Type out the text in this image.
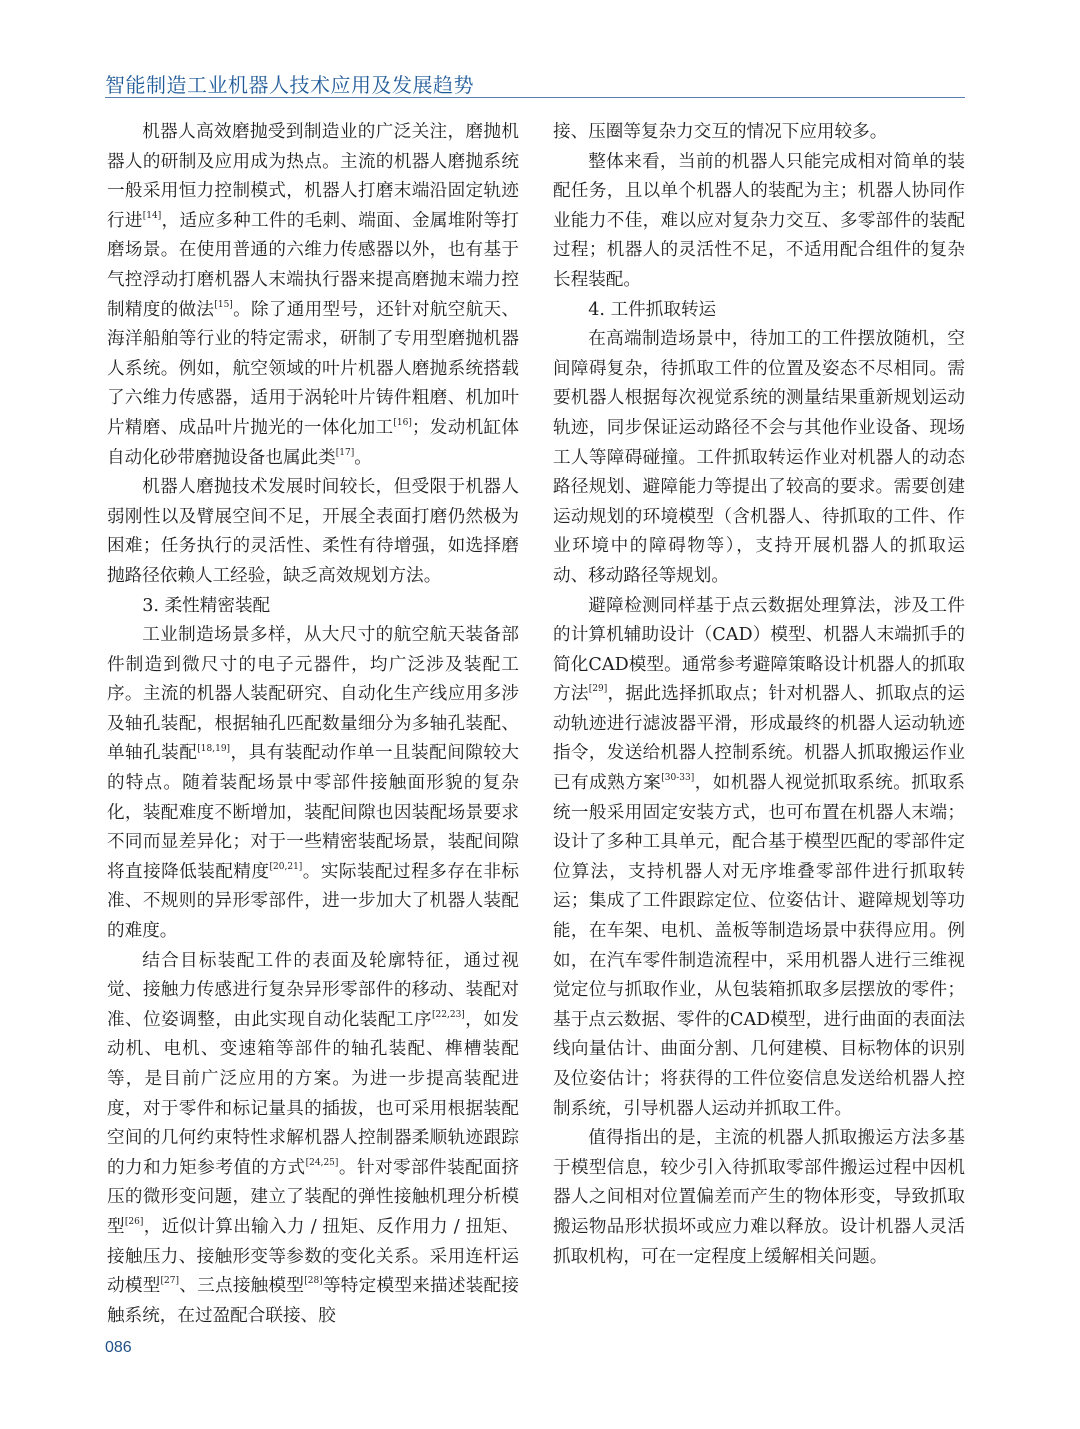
智能制造工业机器人技术应用及发展趋势

机器人高效磨抛受到制造业的广泛关注，磨抛机器人的研制及应用成为热点。主流的机器人磨抛系统一般采用恒力控制模式，机器人打磨末端沿固定轨迹行进[14]，适应多种工件的毛刺、端面、金属堆附等打磨场景。在使用普通的六维力传感器以外，也有基于气控浮动打磨机器人末端执行器来提高磨抛末端力控制精度的做法[15]。除了通用型号，还针对航空航天、海洋船舶等行业的特定需求，研制了专用型磨抛机器人系统。例如，航空领域的叶片机器人磨抛系统搭载了六维力传感器，适用于涡轮叶片铸件粗磨、机加叶片精磨、成品叶片抛光的一体化加工[16]；发动机缸体自动化砂带磨抛设备也属此类[17]。

机器人磨抛技术发展时间较长，但受限于机器人弱刚性以及臂展空间不足，开展全表面打磨仍然极为困难；任务执行的灵活性、柔性有待增强，如选择磨抛路径依赖人工经验，缺乏高效规划方法。

3. 柔性精密装配

工业制造场景多样，从大尺寸的航空航天装备部件制造到微尺寸的电子元器件，均广泛涉及装配工序。主流的机器人装配研究、自动化生产线应用多涉及轴孔装配，根据轴孔匹配数量细分为多轴孔装配、单轴孔装配[18,19]，具有装配动作单一且装配间隙较大的特点。随着装配场景中零部件接触面形貌的复杂化，装配难度不断增加，装配间隙也因装配场景要求不同而显差异化；对于一些精密装配场景，装配间隙将直接降低装配精度[20,21]。实际装配过程多存在非标准、不规则的异形零部件，进一步加大了机器人装配的难度。

结合目标装配工件的表面及轮廓特征，通过视觉、接触力传感进行复杂异形零部件的移动、装配对准、位姿调整，由此实现自动化装配工序[22,23]，如发动机、电机、变速箱等部件的轴孔装配、榫槽装配等，是目前广泛应用的方案。为进一步提高装配进度，对于零件和标记量具的插拔，也可采用根据装配空间的几何约束特性求解机器人控制器柔顺轨迹跟踪的力和力矩参考值的方式[24,25]。针对零部件装配面挤压的微形变问题，建立了装配的弹性接触机理分析模型[26]，近似计算出输入力 / 扭矩、反作用力 / 扭矩、接触压力、接触形变等参数的变化关系。采用连杆运动模型[27]、三点接触模型[28]等特定模型来描述装配接触系统，在过盈配合联接、胶

接、压圈等复杂力交互的情况下应用较多。

整体来看，当前的机器人只能完成相对简单的装配任务，且以单个机器人的装配为主；机器人协同作业能力不佳，难以应对复杂力交互、多零部件的装配过程；机器人的灵活性不足，不适用配合组件的复杂长程装配。

4. 工件抓取转运

在高端制造场景中，待加工的工件摆放随机，空间障碍复杂，待抓取工件的位置及姿态不尽相同。需要机器人根据每次视觉系统的测量结果重新规划运动轨迹，同步保证运动路径不会与其他作业设备、现场工人等障碍碰撞。工件抓取转运作业对机器人的动态路径规划、避障能力等提出了较高的要求。需要创建运动规划的环境模型（含机器人、待抓取的工件、作业环境中的障碍物等），支持开展机器人的抓取运动、移动路径等规划。

避障检测同样基于点云数据处理算法，涉及工件的计算机辅助设计（CAD）模型、机器人末端抓手的简化CAD模型。通常参考避障策略设计机器人的抓取方法[29]，据此选择抓取点；针对机器人、抓取点的运动轨迹进行滤波器平滑，形成最终的机器人运动轨迹指令，发送给机器人控制系统。机器人抓取搬运作业已有成熟方案[30-33]，如机器人视觉抓取系统。抓取系统一般采用固定安装方式，也可布置在机器人末端；设计了多种工具单元，配合基于模型匹配的零部件定位算法，支持机器人对无序堆叠零部件进行抓取转运；集成了工件跟踪定位、位姿估计、避障规划等功能，在车架、电机、盖板等制造场景中获得应用。例如，在汽车零件制造流程中，采用机器人进行三维视觉定位与抓取作业，从包装箱抓取多层摆放的零件；基于点云数据、零件的CAD模型，进行曲面的表面法线向量估计、曲面分割、几何建模、目标物体的识别及位姿估计；将获得的工件位姿信息发送给机器人控制系统，引导机器人运动并抓取工件。

值得指出的是，主流的机器人抓取搬运方法多基于模型信息，较少引入待抓取零部件搬运过程中因机器人之间相对位置偏差而产生的物体形变，导致抓取搬运物品形状损坏或应力难以释放。设计机器人灵活抓取机构，可在一定程度上缓解相关问题。

086
